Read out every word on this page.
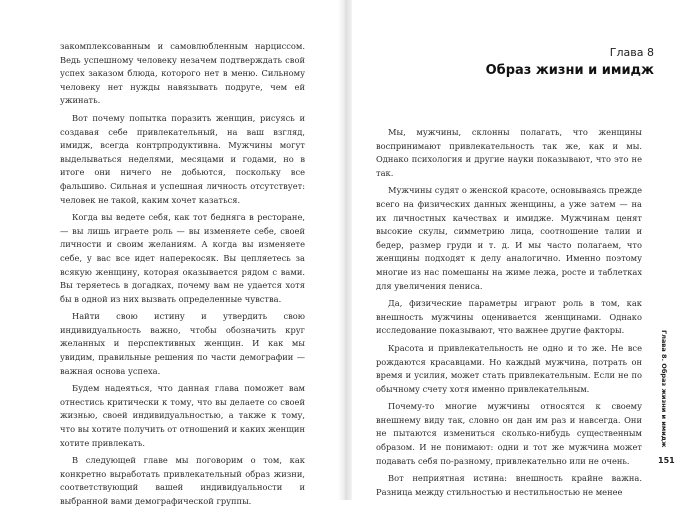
закомплексованным и самовлюбленным нарциссом. Ведь успешному человеку незачем подтверждать свой успех заказом блюда, которого нет в меню. Сильному человеку нет нужды навязывать подруге, чем ей ужинать.

Вот почему попытка поразить женщин, рисуясь и создавая себе привлекательный, на ваш взгляд, имидж, всегда контрпродуктивна. Мужчины могут выделываться неделями, месяцами и годами, но в итоге они ничего не добьются, поскольку все фальшиво. Сильная и успешная личность отсутствует: человек не такой, каким хочет казаться.

Когда вы ведете себя, как тот бедняга в ресторане, — вы лишь играете роль — вы изменяете себе, своей личности и своим желаниям. А когда вы изменяете себе, у вас все идет наперекосяк. Вы цепляетесь за всякую женщину, которая оказывается рядом с вами. Вы теряетесь в догадках, почему вам не удается хотя бы в одной из них вызвать определенные чувства.

Найти свою истину и утвердить свою индивидуальность важно, чтобы обозначить круг желанных и перспективных женщин. И как мы увидим, правильные решения по части демографии — важная основа успеха.

Будем надеяться, что данная глава поможет вам отнестись критически к тому, что вы делаете со своей жизнью, своей индивидуальностью, а также к тому, что вы хотите получить от отношений и каких женщин хотите привлекать.

В следующей главе мы поговорим о том, как конкретно выработать привлекательный образ жизни, соответствующий вашей индивидуальности и выбранной вами демографической группы.

Глава 8
Образ жизни и имидж

Мы, мужчины, склонны полагать, что женщины воспринимают привлекательность так же, как и мы. Однако психология и другие науки показывают, что это не так.

Мужчины судят о женской красоте, основываясь прежде всего на физических данных женщины, а уже затем — на их личностных качествах и имидже. Мужчинам ценят высокие скулы, симметрию лица, соотношение талии и бедер, размер груди и т. д. И мы часто полагаем, что женщины подходят к делу аналогично. Именно поэтому многие из нас помешаны на жиме лежа, росте и таблетках для увеличения пениса.

Да, физические параметры играют роль в том, как внешность мужчины оценивается женщинами. Однако исследование показывают, что важнее другие факторы.

Красота и привлекательность не одно и то же. Не все рождаются красавцами. Но каждый мужчина, потрать он время и усилия, может стать привлекательным. Если не по обычному счету хотя именно привлекательным.

Почему-то многие мужчины относятся к своему внешнему виду так, словно он дан им раз и навсегда. Они не пытаются измениться сколько-нибудь существенным образом. И не понимают: одни и тот же мужчина может подавать себя по-разному, привлекательно или не очень.

Вот неприятная истина: внешность крайне важна. Разница между стильностью и нестильностью не менее

Глава 8. Образ жизни и имидж
151
